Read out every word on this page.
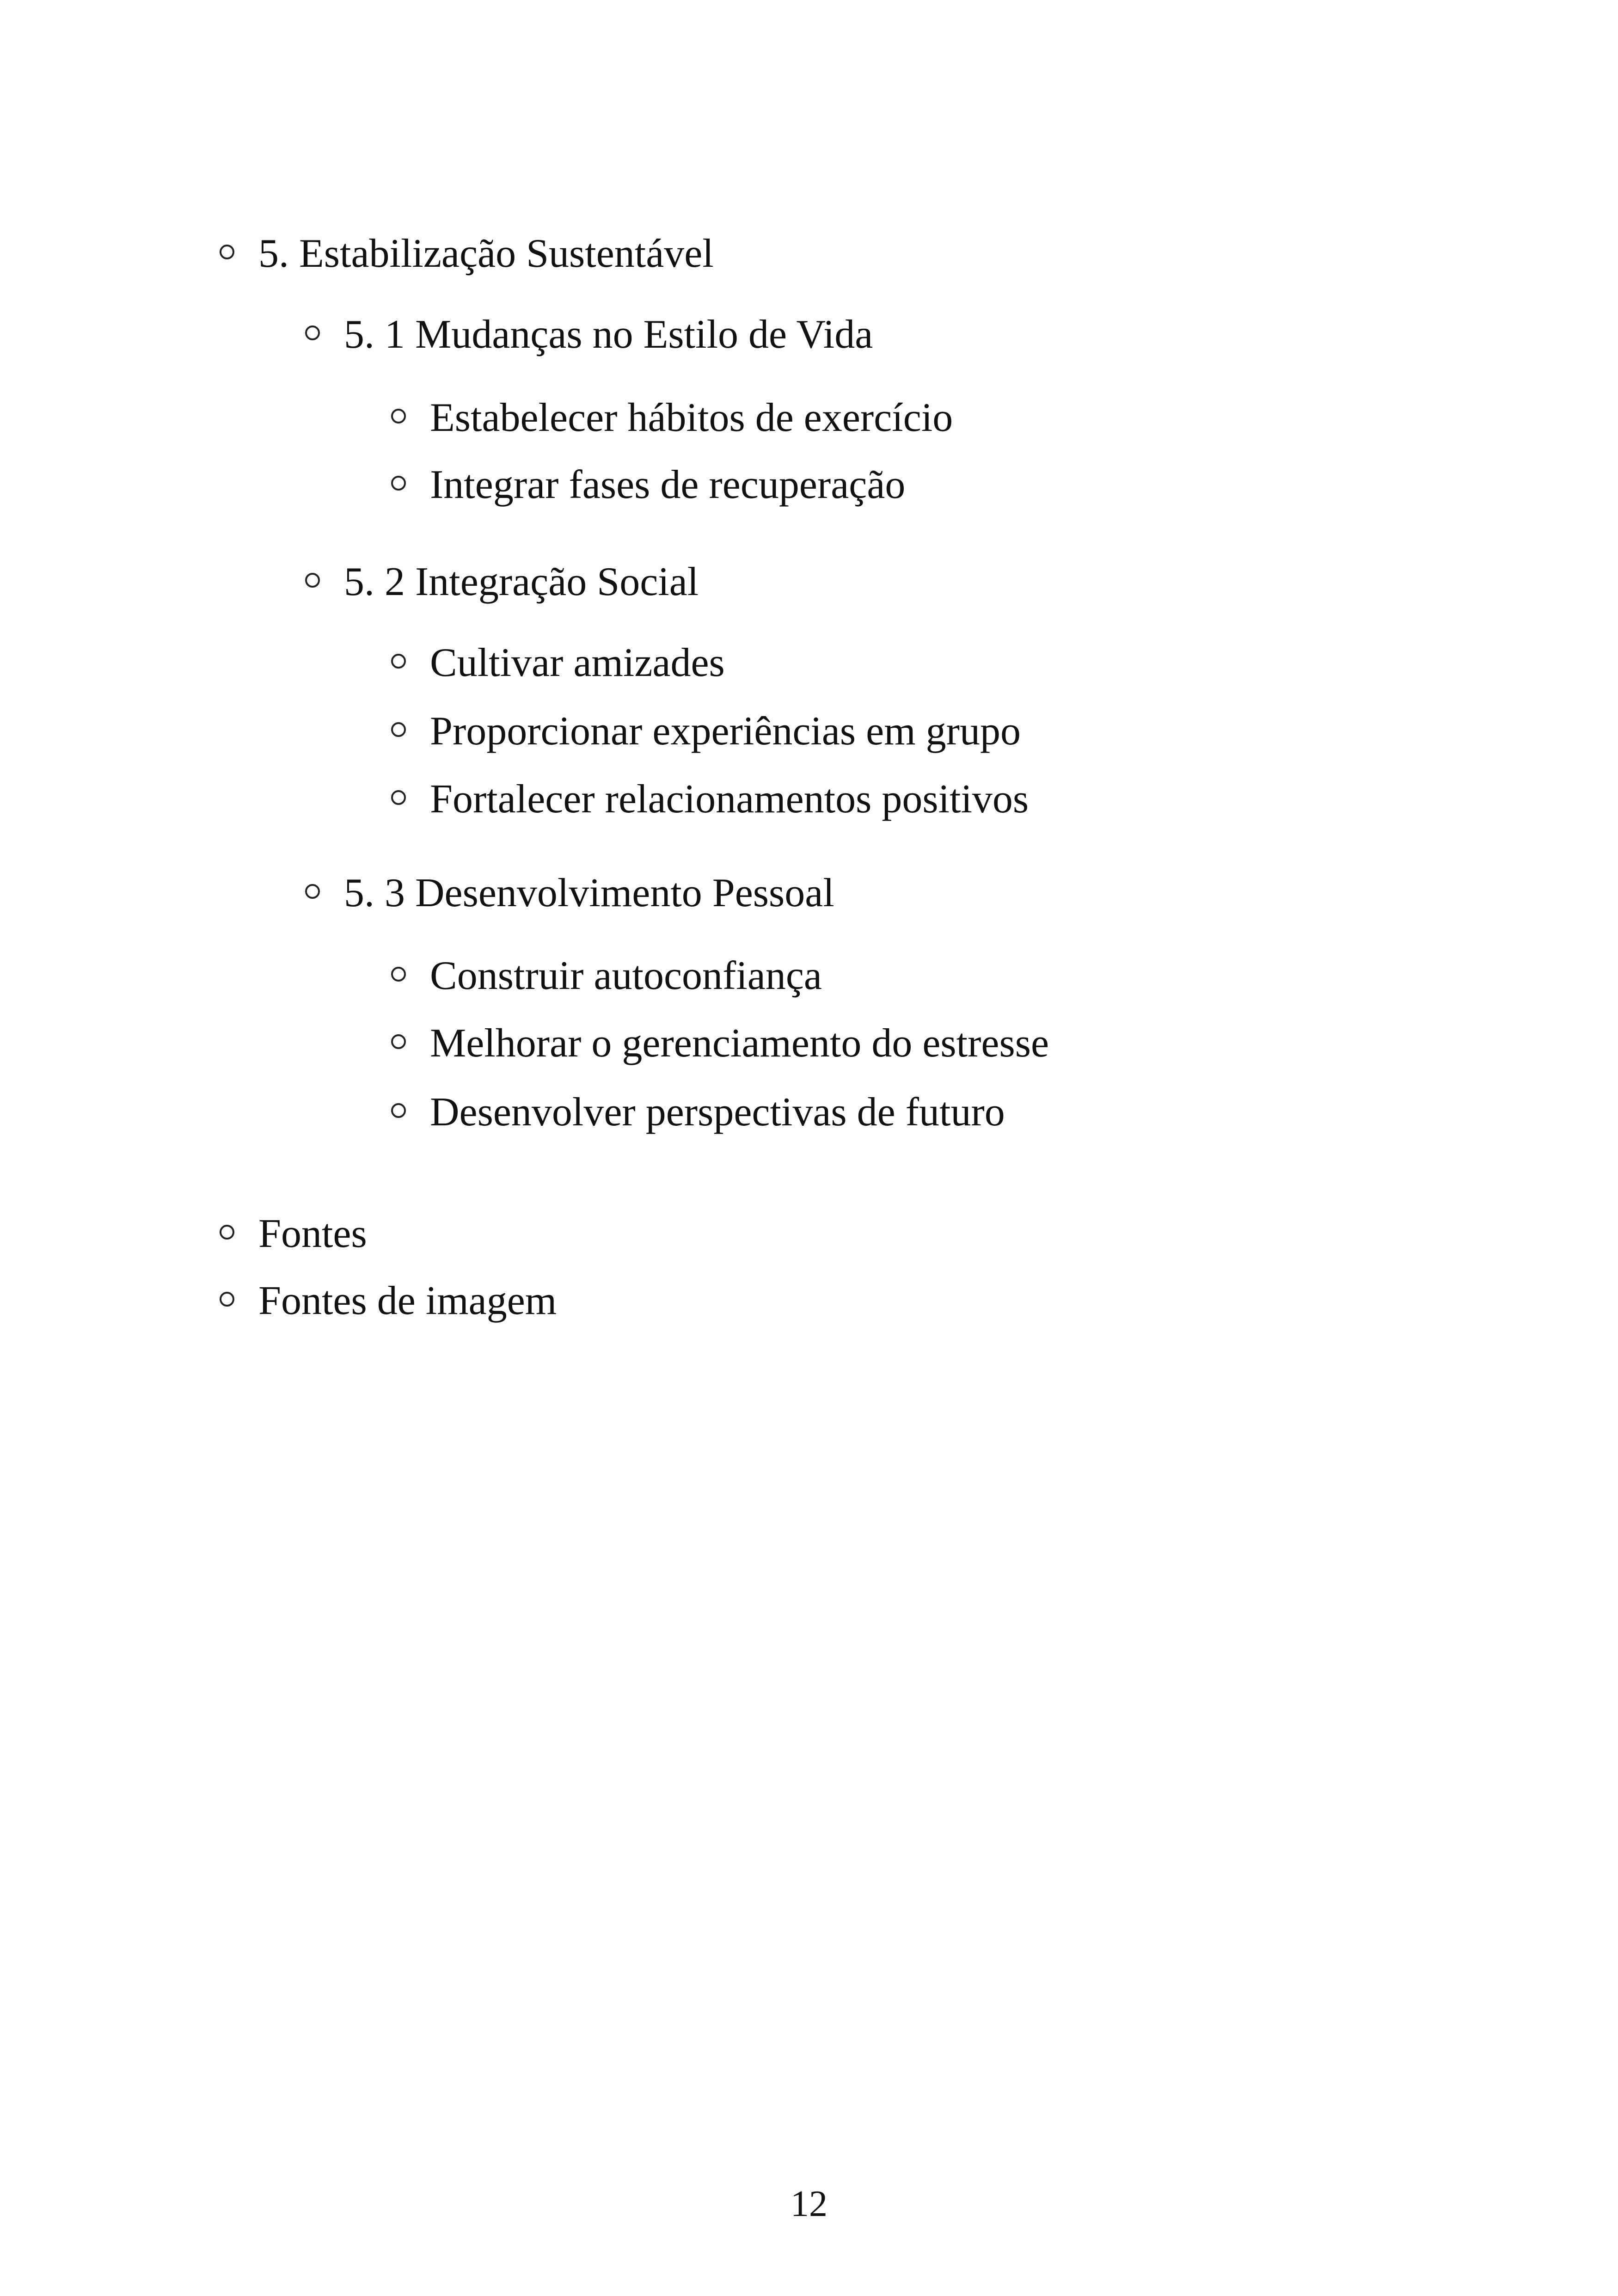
5. Estabilização Sustentável
5. 1 Mudanças no Estilo de Vida
Estabelecer hábitos de exercício
Integrar fases de recuperação
5. 2 Integração Social
Cultivar amizades
Proporcionar experiências em grupo
Fortalecer relacionamentos positivos
5. 3 Desenvolvimento Pessoal
Construir autoconfiança
Melhorar o gerenciamento do estresse
Desenvolver perspectivas de futuro
Fontes
Fontes de imagem
12
